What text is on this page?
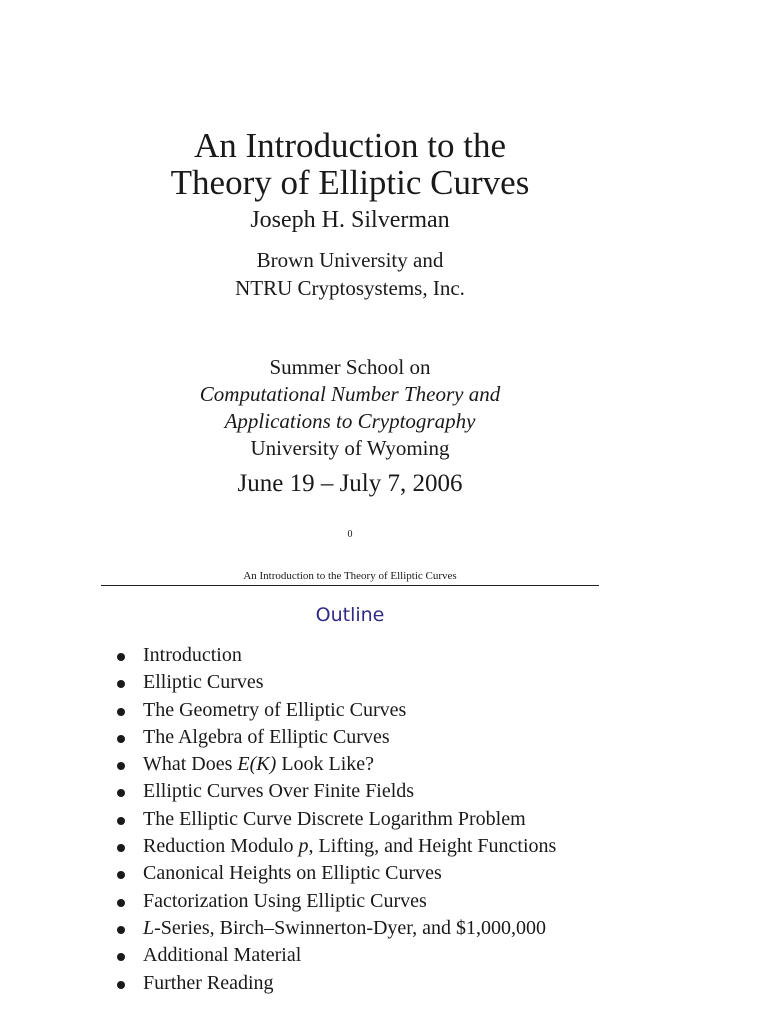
An Introduction to the
Theory of Elliptic Curves
Joseph H. Silverman
Brown University and
NTRU Cryptosystems, Inc.
Summer School on
Computational Number Theory and
Applications to Cryptography
University of Wyoming
June 19 – July 7, 2006
0
An Introduction to the Theory of Elliptic Curves
Outline
Introduction
Elliptic Curves
The Geometry of Elliptic Curves
The Algebra of Elliptic Curves
What Does E(K) Look Like?
Elliptic Curves Over Finite Fields
The Elliptic Curve Discrete Logarithm Problem
Reduction Modulo p, Lifting, and Height Functions
Canonical Heights on Elliptic Curves
Factorization Using Elliptic Curves
L-Series, Birch–Swinnerton-Dyer, and $1,000,000
Additional Material
Further Reading
